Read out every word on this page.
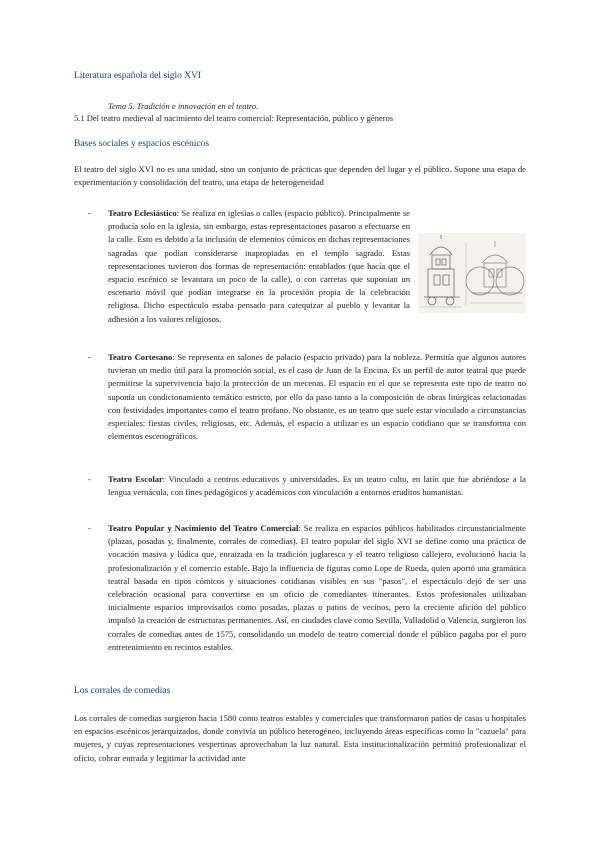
Literatura española del siglo XVI

Tema 5. Tradición e innovación en el teatro.

5.1 Del teatro medieval al nacimiento del teatro comercial: Representación, público y géneros

Bases sociales y espacios escénicos

El teatro del siglo XVI no es una unidad, sino un conjunto de prácticas que dependen del lugar y el público. Supone una etapa de experimentación y consolidación del teatro, una etapa de heterogeneidad

- Teatro Eclesiástico: Se realiza en iglesias o calles (espacio público). Principalmente se producía solo en la iglesia, sin embargo, estas representaciones pasaron a efectuarse en la calle. Esto es debido a la inclusión de elementos cómicos en dichas representaciones sagradas que podían considerarse inapropiadas en el templo sagrado. Estas representaciones tuvieron dos formas de representación: entablados (que hacía que el espacio escénico se levantara un poco de la calle), o con carretas que suponían un escenario móvil que podían integrarse en la procesión propia de la celebración religiosa. Dicho espectáculo estaba pensado para catequizar al pueblo y levantar la adhesión a los valores religiosos.

- Teatro Cortesano: Se representa en salones de palacio (espacio privado) para la nobleza. Permitía que algunos autores tuvieran un medio útil para la promoción social, es el caso de Juan de la Encina. Es un perfil de autor teatral que puede permitirse la supervivencia bajo la protección de un mecenas. El espacio en el que se representa este tipo de teatro no suponía un condicionamiento temático estricto, por ello da paso tanto a la composición de obras litúrgicas relacionadas con festividades importantes como el teatro profano. No obstante, es un teatro que suele estar vinculado a circunstancias especiales: fiestas civiles, religiosas, etc. Además, el espacio a utilizar es un espacio cotidiano que se transforma con elementos escenográficos.

- Teatro Escolar: Vinculado a centros educativos y universidades. Es un teatro culto, en latín que fue abriéndose a la lengua vernácula, con fines pedagógicos y académicos con vinculación a entornos eruditos humanistas.

- Teatro Popular y Nacimiento del Teatro Comercial: Se realiza en espacios públicos habilitados circunstancialmente (plazas, posadas y, finalmente, corrales de comedias). El teatro popular del siglo XVI se define como una práctica de vocación masiva y lúdica que, enraizada en la tradición juglaresca y el teatro religioso callejero, evolucionó hacia la profesionalización y el comercio estable. Bajo la influencia de figuras como Lope de Rueda, quien aportó una gramática teatral basada en tipos cómicos y situaciones cotidianas visibles en sus "pasos", el espectáculo dejó de ser una celebración ocasional para convertirse en un oficio de comediantes itinerantes. Estos profesionales utilizaban inicialmente espacios improvisados como posadas, plazas o patios de vecinos, pero la creciente afición del público impulsó la creación de estructuras permanentes. Así, en ciudades clave como Sevilla, Valladolid o Valencia, surgieron los corrales de comedias antes de 1575, consolidando un modelo de teatro comercial donde el público pagaba por el puro entretenimiento en recintos estables.

Los corrales de comedias

Los corrales de comedias surgieron hacia 1580 como teatros estables y comerciales que transformaron patios de casas u hospitales en espacios escénicos jerarquizados, donde convivía un público heterogéneo, incluyendo áreas específicas como la "cazuela" para mujeres, y cuyas representaciones vespertinas aprovechaban la luz natural. Esta institucionalización permitió profesionalizar el oficio, cobrar entrada y legitimar la actividad ante
